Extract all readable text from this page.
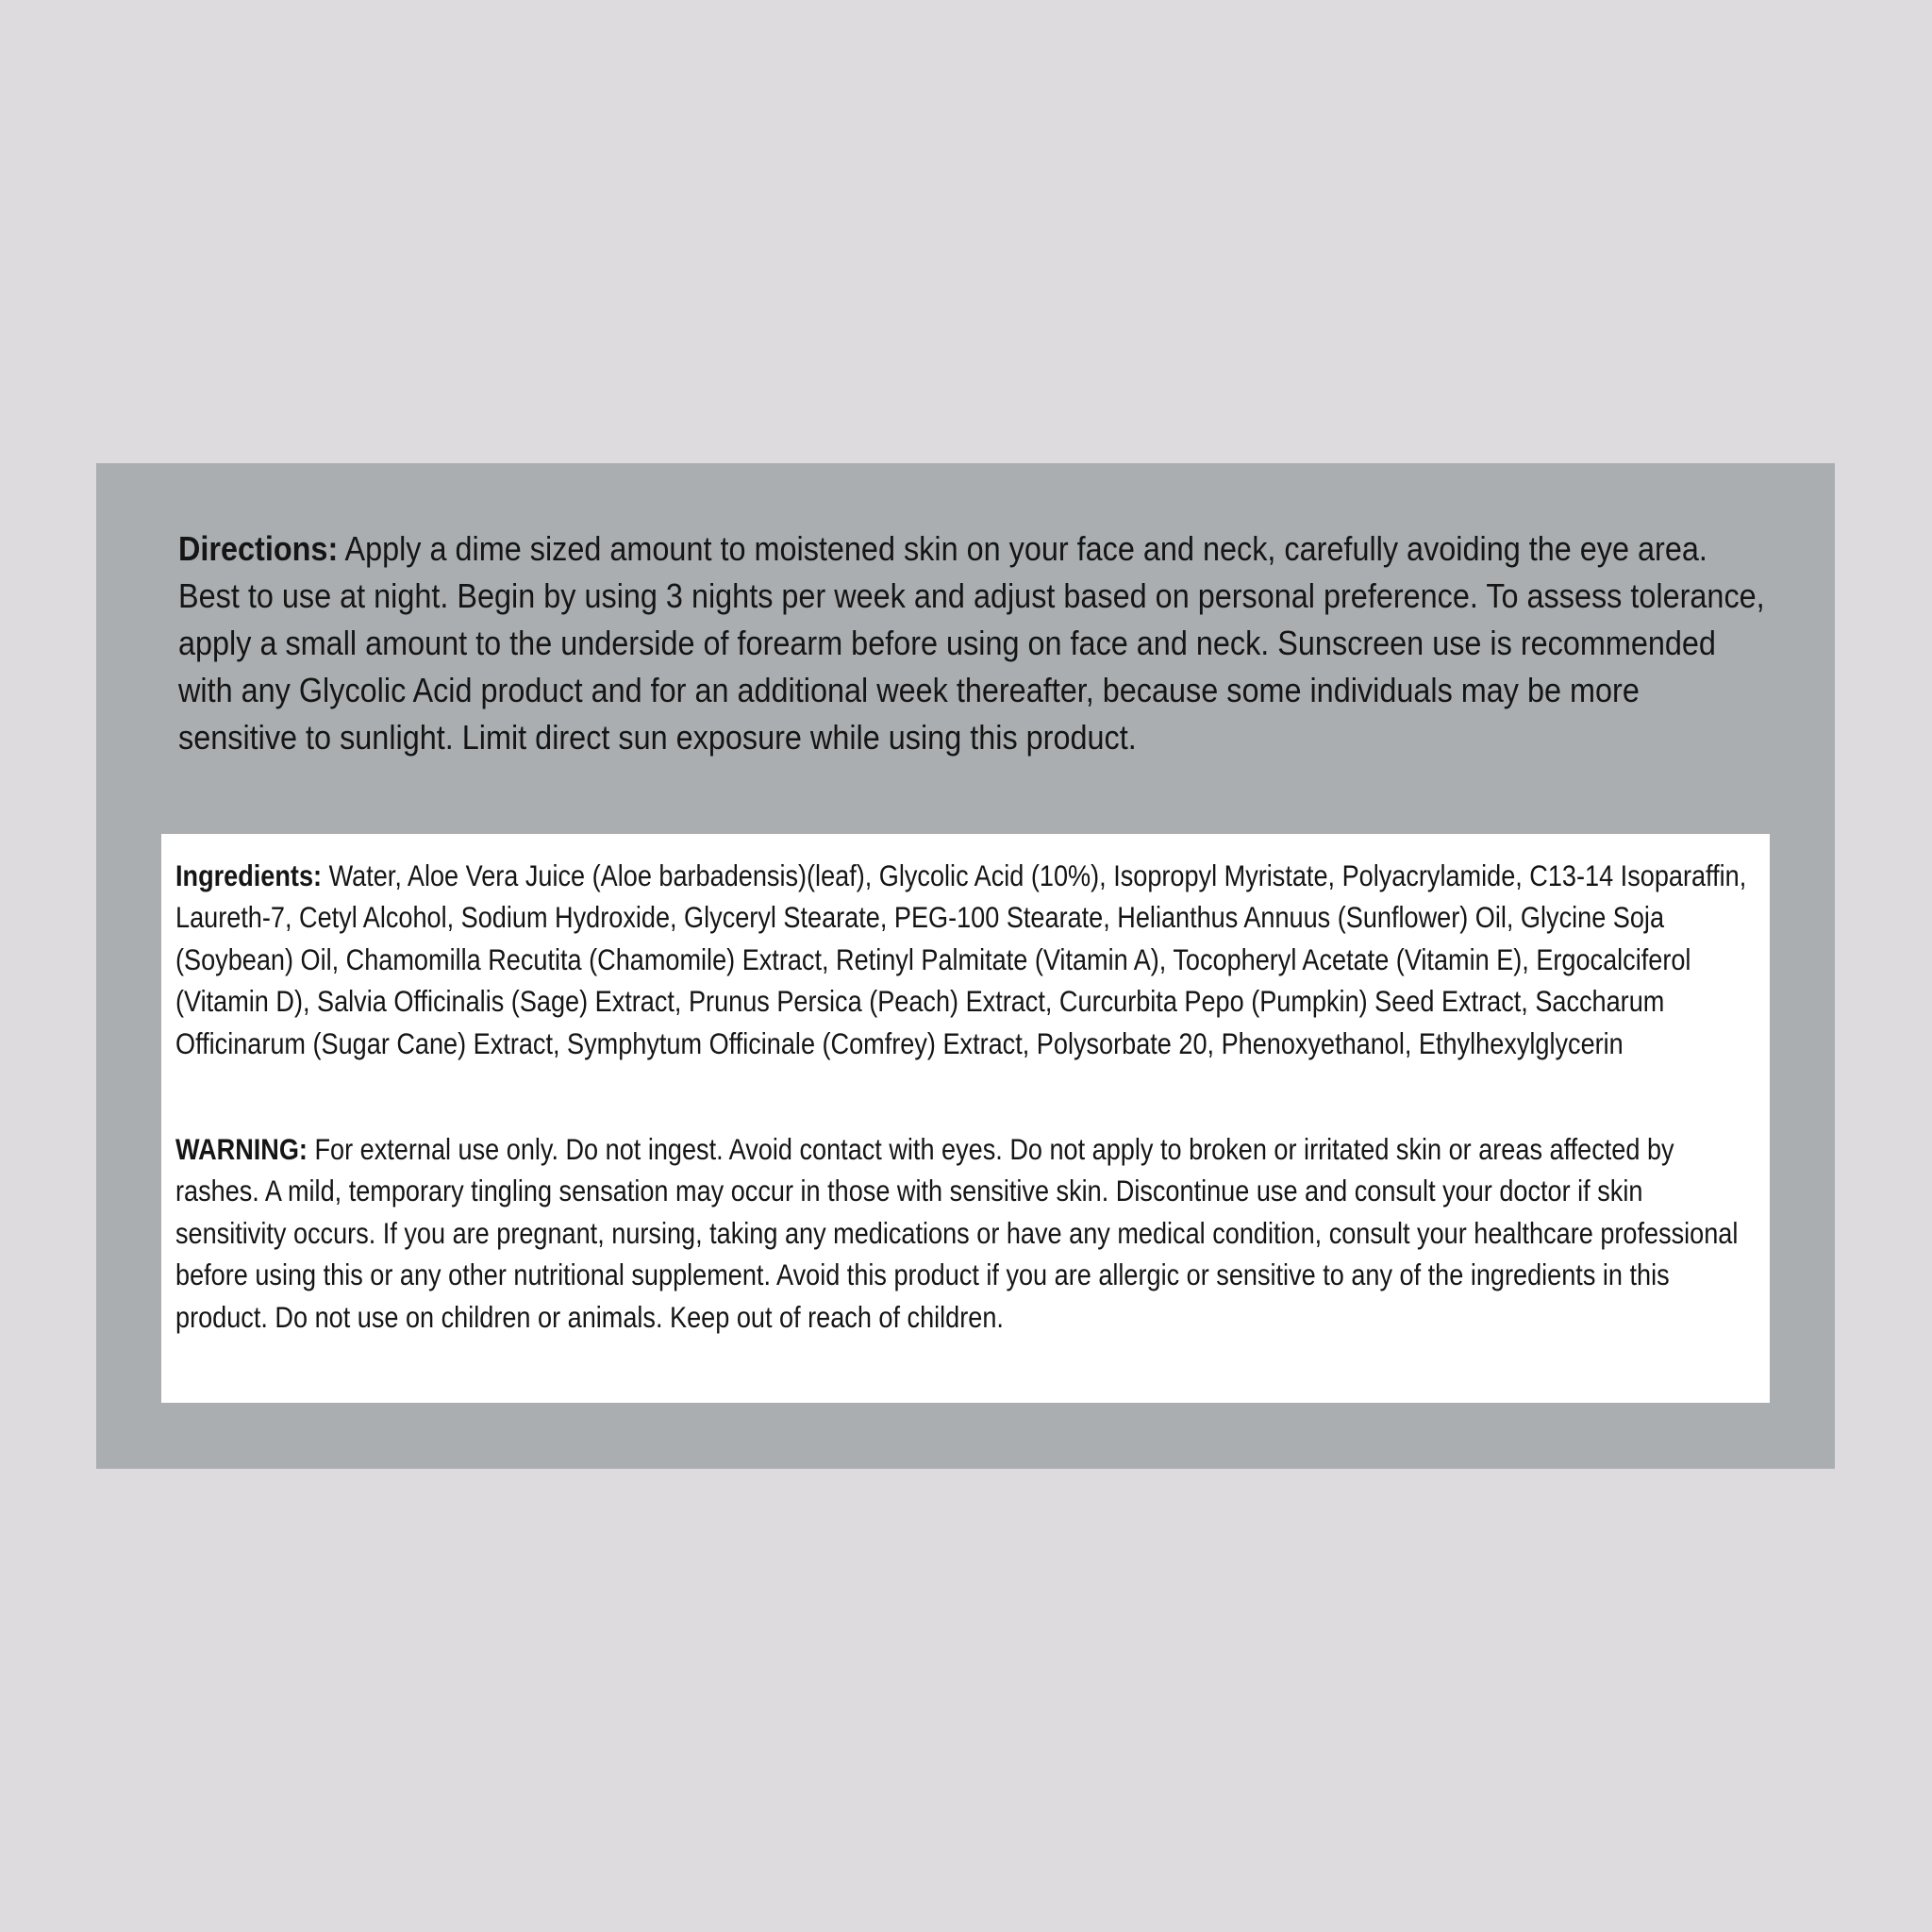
Directions: Apply a dime sized amount to moistened skin on your face and neck, carefully avoiding the eye area. Best to use at night. Begin by using 3 nights per week and adjust based on personal preference. To assess tolerance, apply a small amount to the underside of forearm before using on face and neck. Sunscreen use is recommended with any Glycolic Acid product and for an additional week thereafter, because some individuals may be more sensitive to sunlight. Limit direct sun exposure while using this product.

Ingredients: Water, Aloe Vera Juice (Aloe barbadensis)(leaf), Glycolic Acid (10%), Isopropyl Myristate, Polyacrylamide, C13-14 Isoparaffin, Laureth-7, Cetyl Alcohol, Sodium Hydroxide, Glyceryl Stearate, PEG-100 Stearate, Helianthus Annuus (Sunflower) Oil, Glycine Soja (Soybean) Oil, Chamomilla Recutita (Chamomile) Extract, Retinyl Palmitate (Vitamin A), Tocopheryl Acetate (Vitamin E), Ergocalciferol (Vitamin D), Salvia Officinalis (Sage) Extract, Prunus Persica (Peach) Extract, Curcurbita Pepo (Pumpkin) Seed Extract, Saccharum Officinarum (Sugar Cane) Extract, Symphytum Officinale (Comfrey) Extract, Polysorbate 20, Phenoxyethanol, Ethylhexylglycerin

WARNING: For external use only. Do not ingest. Avoid contact with eyes. Do not apply to broken or irritated skin or areas affected by rashes. A mild, temporary tingling sensation may occur in those with sensitive skin. Discontinue use and consult your doctor if skin sensitivity occurs. If you are pregnant, nursing, taking any medications or have any medical condition, consult your healthcare professional before using this or any other nutritional supplement. Avoid this product if you are allergic or sensitive to any of the ingredients in this product. Do not use on children or animals. Keep out of reach of children.
